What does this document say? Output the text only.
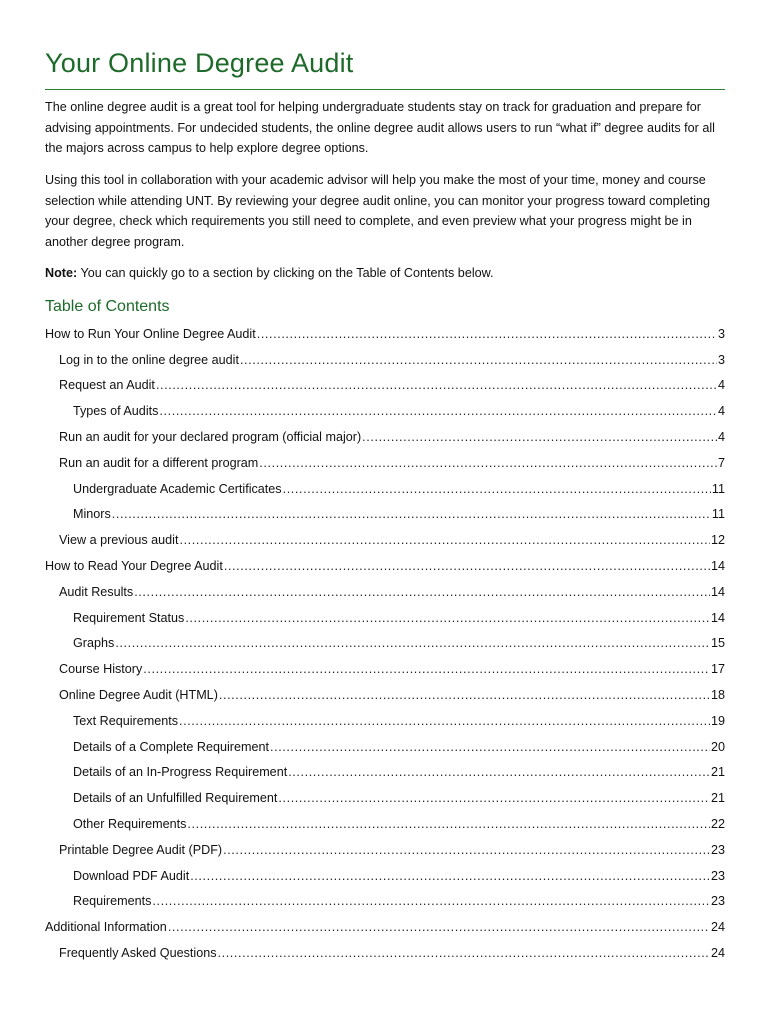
Your Online Degree Audit

The online degree audit is a great tool for helping undergraduate students stay on track for graduation and prepare for advising appointments. For undecided students, the online degree audit allows users to run “what if” degree audits for all the majors across campus to help explore degree options.

Using this tool in collaboration with your academic advisor will help you make the most of your time, money and course selection while attending UNT. By reviewing your degree audit online, you can monitor your progress toward completing your degree, check which requirements you still need to complete, and even preview what your progress might be in another degree program.

Note: You can quickly go to a section by clicking on the Table of Contents below.
Table of Contents
How to Run Your Online Degree Audit .....	3
Log in to the online degree audit .....	3
Request an Audit .....	4
Types of Audits .....	4
Run an audit for your declared program (official major) .....	4
Run an audit for a different program .....	7
Undergraduate Academic Certificates .....	11
Minors .....	11
View a previous audit .....	12
How to Read Your Degree Audit .....	14
Audit Results .....	14
Requirement Status .....	14
Graphs .....	15
Course History .....	17
Online Degree Audit (HTML) .....	18
Text Requirements .....	19
Details of a Complete Requirement .....	20
Details of an In-Progress Requirement .....	21
Details of an Unfulfilled Requirement .....	21
Other Requirements .....	22
Printable Degree Audit (PDF) .....	23
Download PDF Audit .....	23
Requirements .....	23
Additional Information .....	24
Frequently Asked Questions .....	24
